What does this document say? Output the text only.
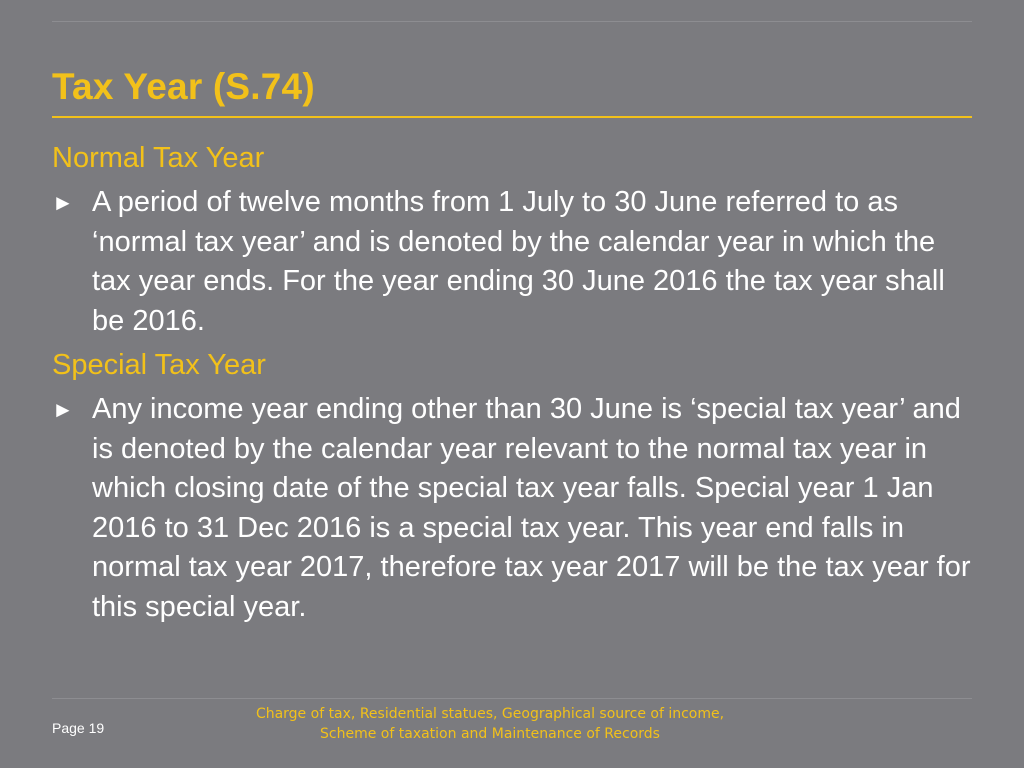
Tax Year (S.74)

Normal Tax Year

► A period of twelve months from 1 July to 30 June referred to as ‘normal tax year’ and is denoted by the calendar year in which the tax year ends. For the year ending 30 June 2016 the tax year shall be 2016.

Special Tax Year

► Any income year ending other than 30 June is ‘special tax year’ and is denoted by the calendar year relevant to the normal tax year in which closing date of the special tax year falls. Special year 1 Jan 2016 to 31 Dec 2016 is a special tax year. This year end falls in normal tax year 2017, therefore tax year 2017 will be the tax year for this special year.
Page 19
Charge of tax, Residential statues, Geographical source of income,
Scheme of taxation and Maintenance of Records
